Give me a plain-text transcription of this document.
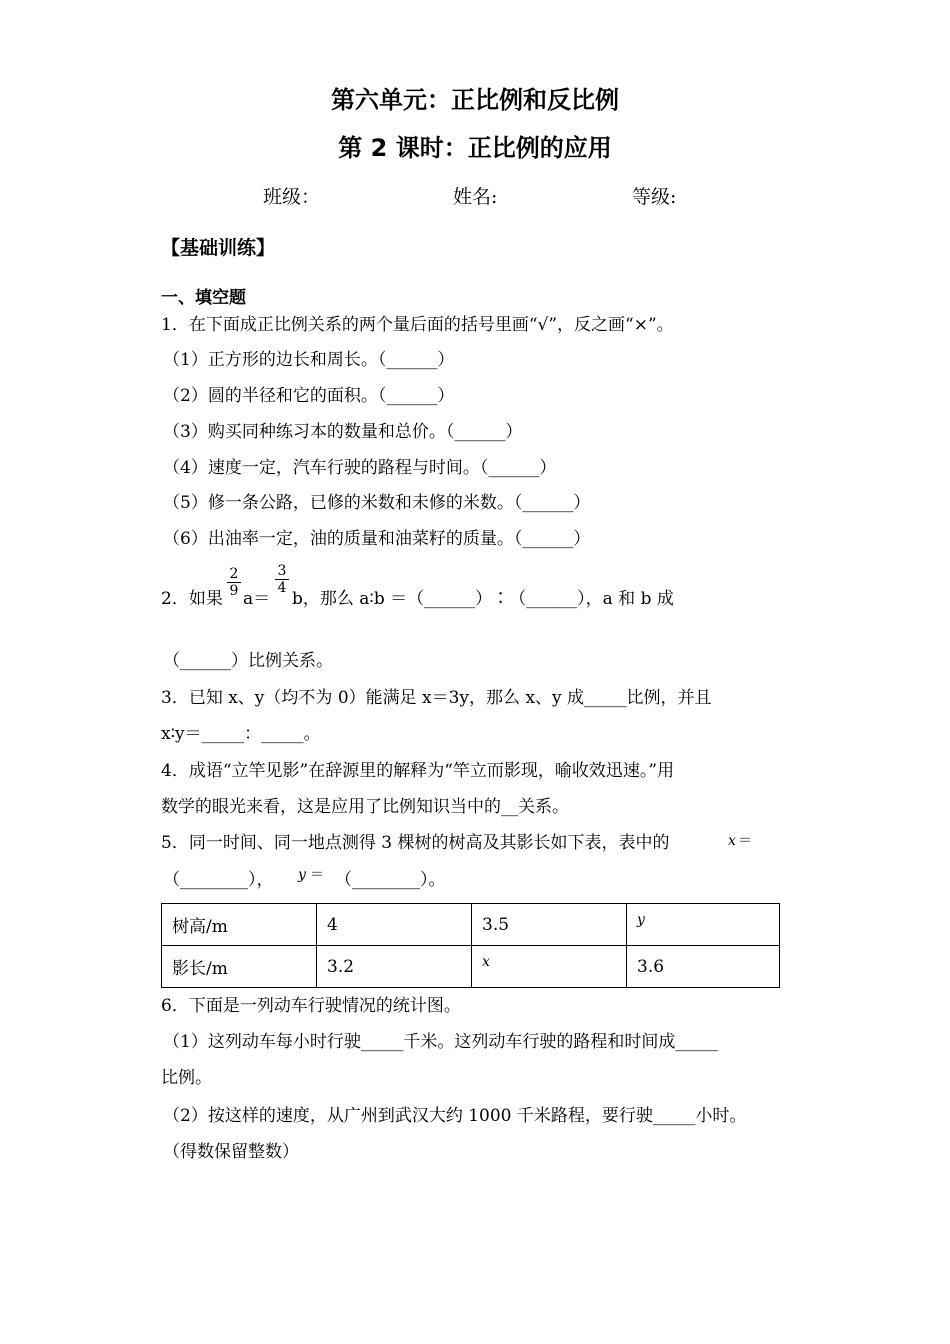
第六单元：正比例和反比例
第 2 课时：正比例的应用
班级：	姓名:	等级:
【基础训练】
一、填空题
1．在下面成正比例关系的两个量后面的括号里画“√”，反之画“×”。
（1）正方形的边长和周长。（______）
（2）圆的半径和它的面积。（______）
（3）购买同种练习本的数量和总价。（______）
（4）速度一定，汽车行驶的路程与时间。（______）
（5）修一条公路，已修的米数和未修的米数。（______）
（6）出油率一定，油的质量和油菜籽的质量。（______）
2．如果
2
9 a＝
3
4
b，那么 a∶b ＝（______）∶（______），a 和 b 成
（______）比例关系。
3．已知 x、y（均不为 0）能满足 x＝3y，那么 x、y 成_____比例，并且
x∶y＝_____：_____。
4．成语“立竿见影”在辞源里的解释为“竿立而影现，喻收效迅速。”用
数学的眼光来看，这是应用了比例知识当中的__关系。
5．同一时间、同一地点测得 3 棵树的树高及其影长如下表，表中的	x ＝
（________）， y ＝ （________）。
树高/m	4	3.5	y
影长/m	3.2	x	3.6
6．下面是一列动车行驶情况的统计图。
（1）这列动车每小时行驶_____千米。这列动车行驶的路程和时间成_____
比例。
（2）按这样的速度，从广州到武汉大约 1000 千米路程，要行驶_____小时。
（得数保留整数）
